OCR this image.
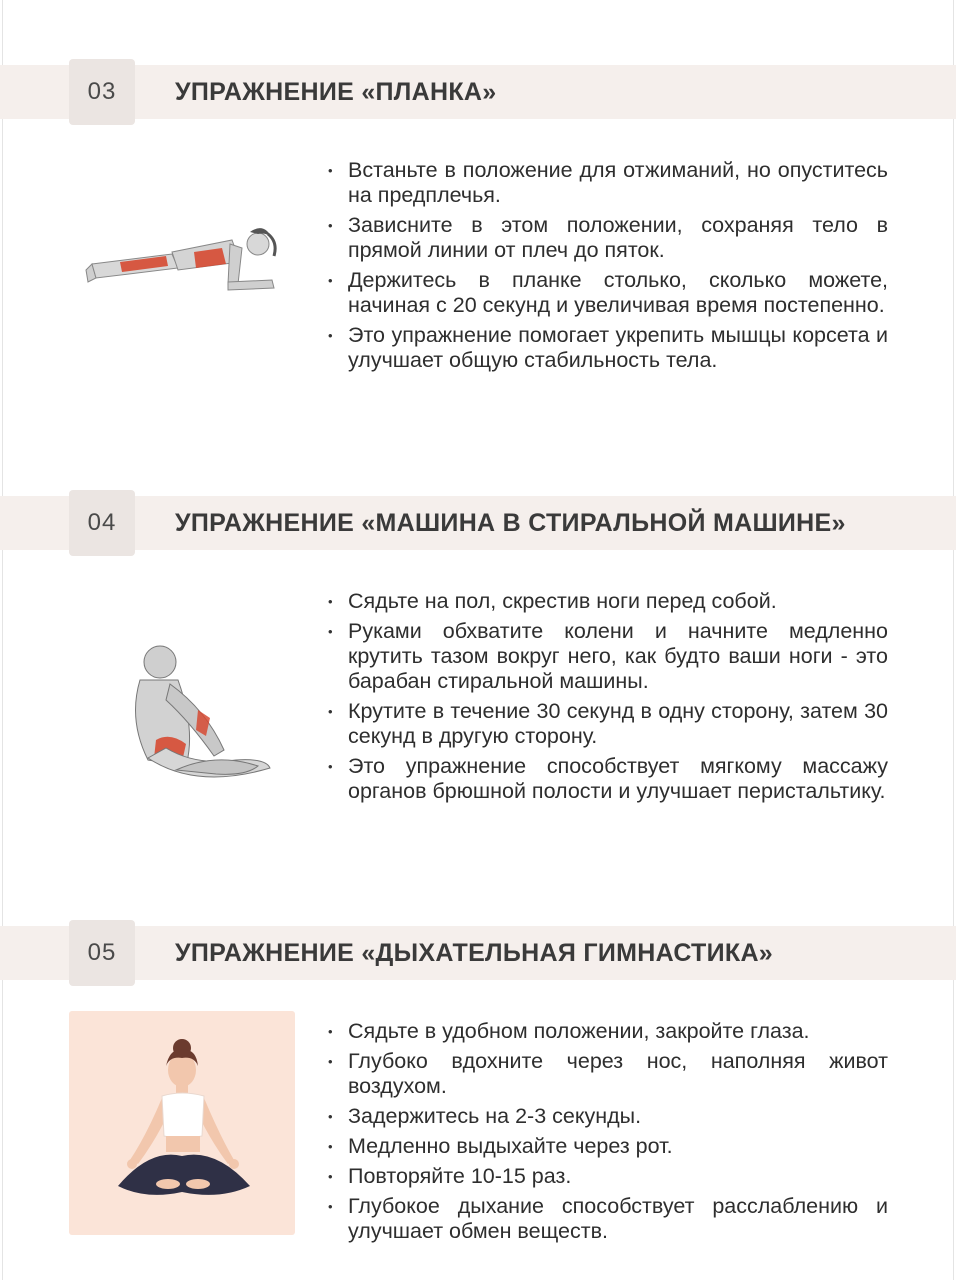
03	УПРАЖНЕНИЕ «ПЛАНКА»
• Встаньте в положение для отжиманий, но опуститесь на предплечья.
• Зависните в этом положении, сохраняя тело в прямой линии от плеч до пяток.
• Держитесь в планке столько, сколько можете, начиная с 20 секунд и увеличивая время постепенно.
• Это упражнение помогает укрепить мышцы корсета и улучшает общую стабильность тела.
04	УПРАЖНЕНИЕ «МАШИНА В СТИРАЛЬНОЙ МАШИНЕ»
• Сядьте на пол, скрестив ноги перед собой.
• Руками обхватите колени и начните медленно крутить тазом вокруг него, как будто ваши ноги - это барабан стиральной машины.
• Крутите в течение 30 секунд в одну сторону, затем 30 секунд в другую сторону.
• Это упражнение способствует мягкому массажу органов брюшной полости и улучшает перистальтику.
05	УПРАЖНЕНИЕ «ДЫХАТЕЛЬНАЯ ГИМНАСТИКА»
• Сядьте в удобном положении, закройте глаза.
• Глубоко вдохните через нос, наполняя живот воздухом.
• Задержитесь на 2-3 секунды.
• Медленно выдыхайте через рот.
• Повторяйте 10-15 раз.
• Глубокое дыхание способствует расслаблению и улучшает обмен веществ.
